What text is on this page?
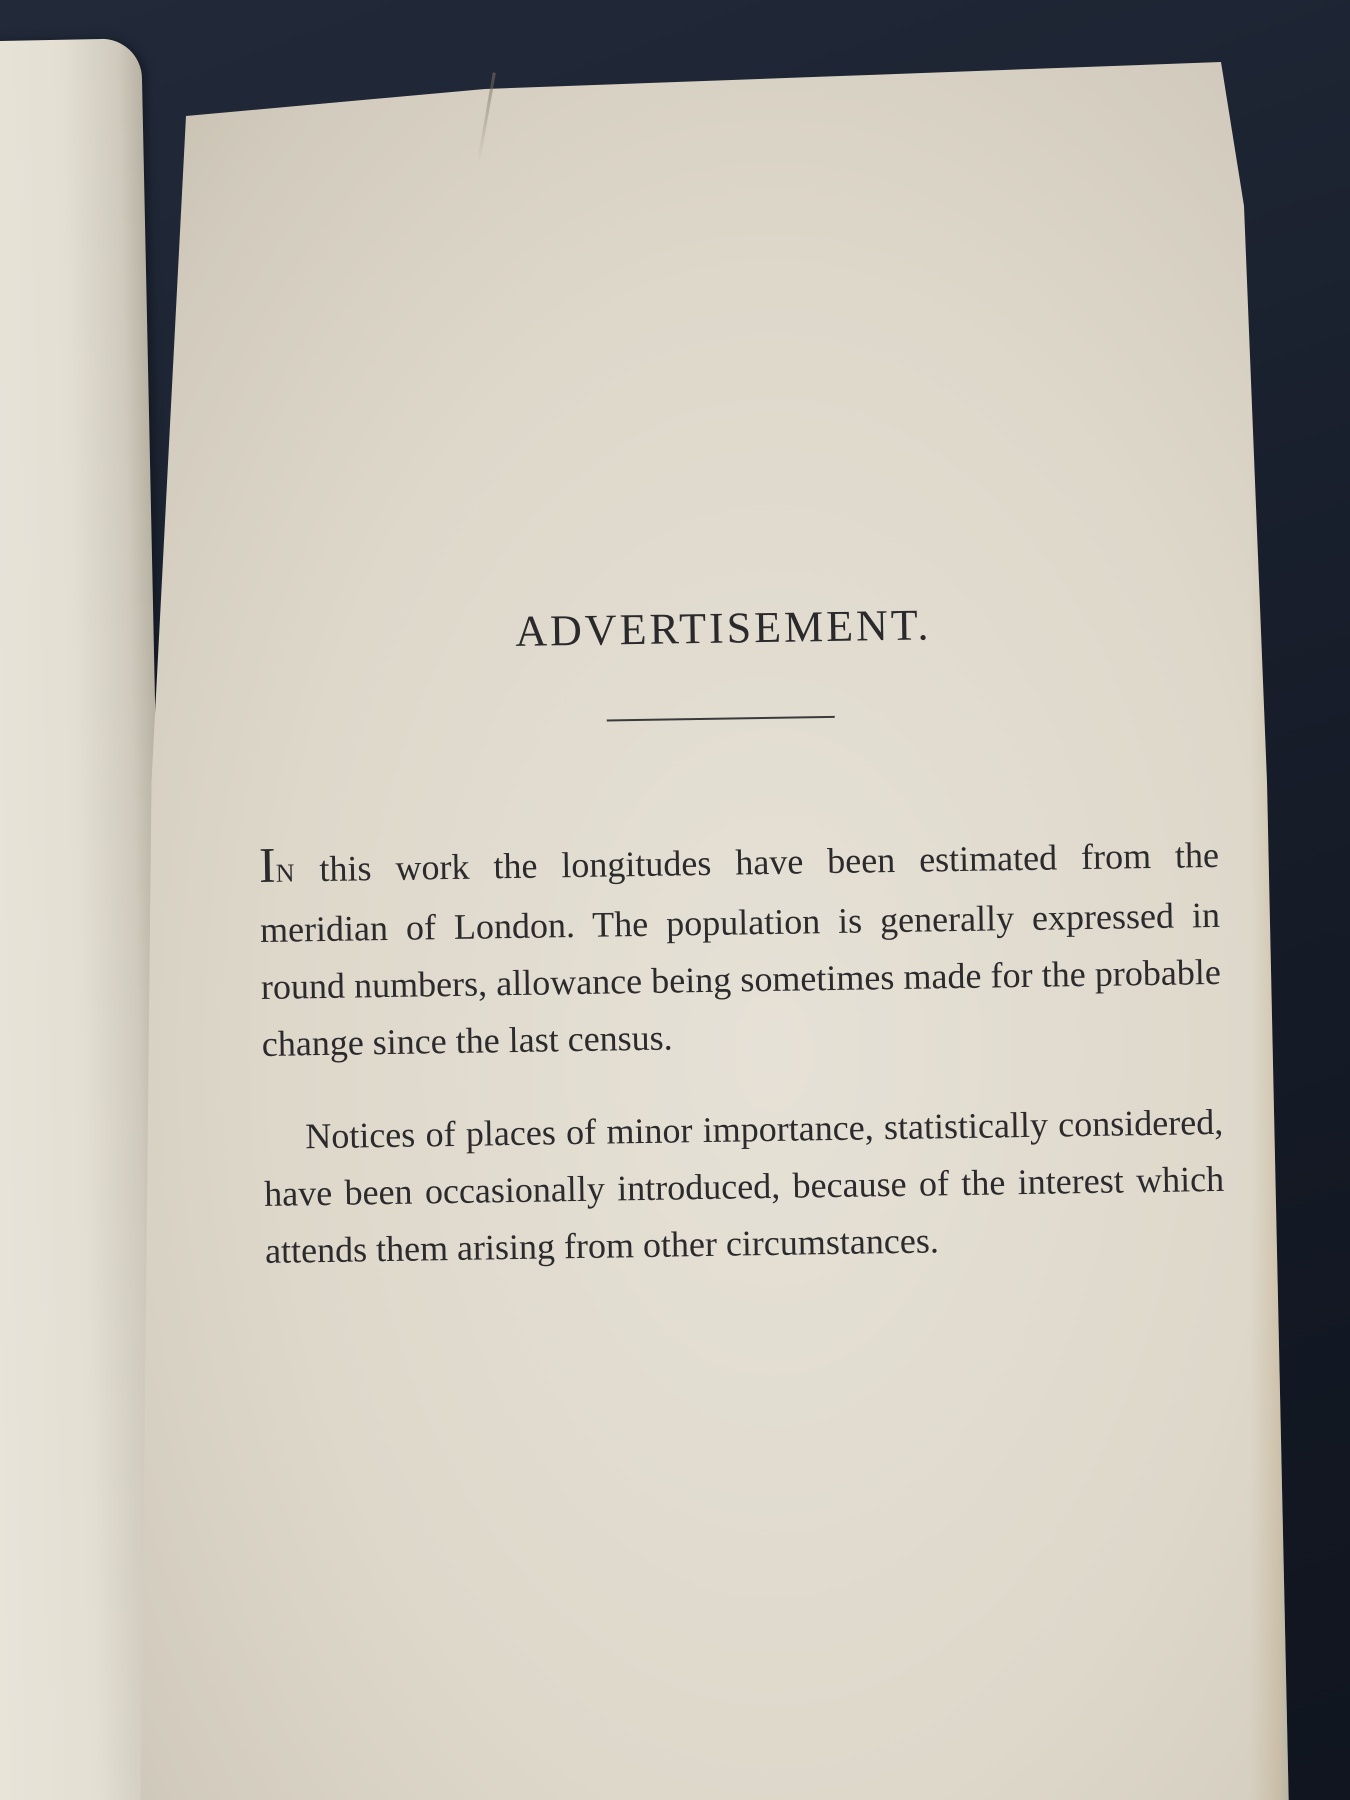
ADVERTISEMENT.

IN this work the longitudes have been estimated from the meridian of London. The population is generally expressed in round numbers, allowance being sometimes made for the probable change since the last census.

Notices of places of minor importance, statistically considered, have been occasionally introduced, because of the interest which attends them arising from other circumstances.
